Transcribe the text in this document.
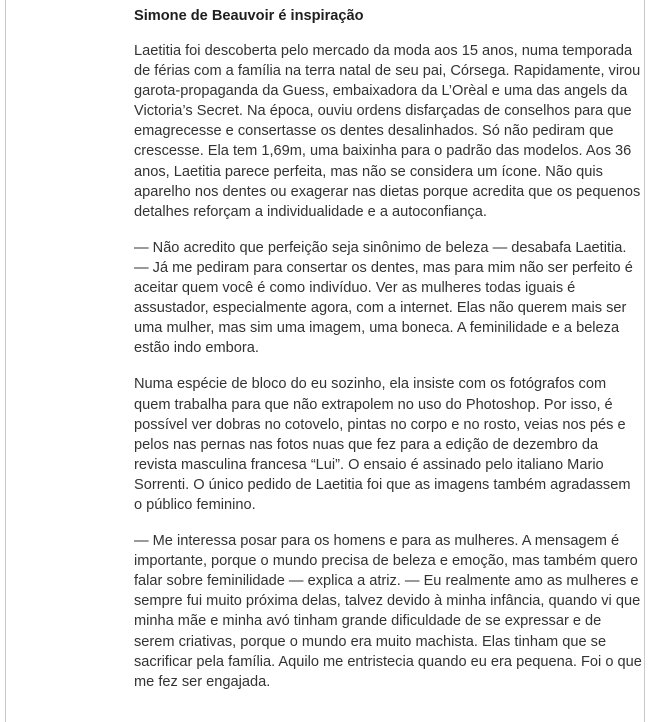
Simone de Beauvoir é inspiração

Laetitia foi descoberta pelo mercado da moda aos 15 anos, numa temporada de férias com a família na terra natal de seu pai, Córsega. Rapidamente, virou garota-propaganda da Guess, embaixadora da L’Orèal e uma das angels da Victoria’s Secret. Na época, ouviu ordens disfarçadas de conselhos para que emagrecesse e consertasse os dentes desalinhados. Só não pediram que crescesse. Ela tem 1,69m, uma baixinha para o padrão das modelos. Aos 36 anos, Laetitia parece perfeita, mas não se considera um ícone. Não quis aparelho nos dentes ou exagerar nas dietas porque acredita que os pequenos detalhes reforçam a individualidade e a autoconfiança.

— Não acredito que perfeição seja sinônimo de beleza — desabafa Laetitia. — Já me pediram para consertar os dentes, mas para mim não ser perfeito é aceitar quem você é como indivíduo. Ver as mulheres todas iguais é assustador, especialmente agora, com a internet. Elas não querem mais ser uma mulher, mas sim uma imagem, uma boneca. A feminilidade e a beleza estão indo embora.

Numa espécie de bloco do eu sozinho, ela insiste com os fotógrafos com quem trabalha para que não extrapolem no uso do Photoshop. Por isso, é possível ver dobras no cotovelo, pintas no corpo e no rosto, veias nos pés e pelos nas pernas nas fotos nuas que fez para a edição de dezembro da revista masculina francesa “Lui”. O ensaio é assinado pelo italiano Mario Sorrenti. O único pedido de Laetitia foi que as imagens também agradassem o público feminino.

— Me interessa posar para os homens e para as mulheres. A mensagem é importante, porque o mundo precisa de beleza e emoção, mas também quero falar sobre feminilidade — explica a atriz. — Eu realmente amo as mulheres e sempre fui muito próxima delas, talvez devido à minha infância, quando vi que minha mãe e minha avó tinham grande dificuldade de se expressar e de serem criativas, porque o mundo era muito machista. Elas tinham que se sacrificar pela família. Aquilo me entristecia quando eu era pequena. Foi o que me fez ser engajada.
